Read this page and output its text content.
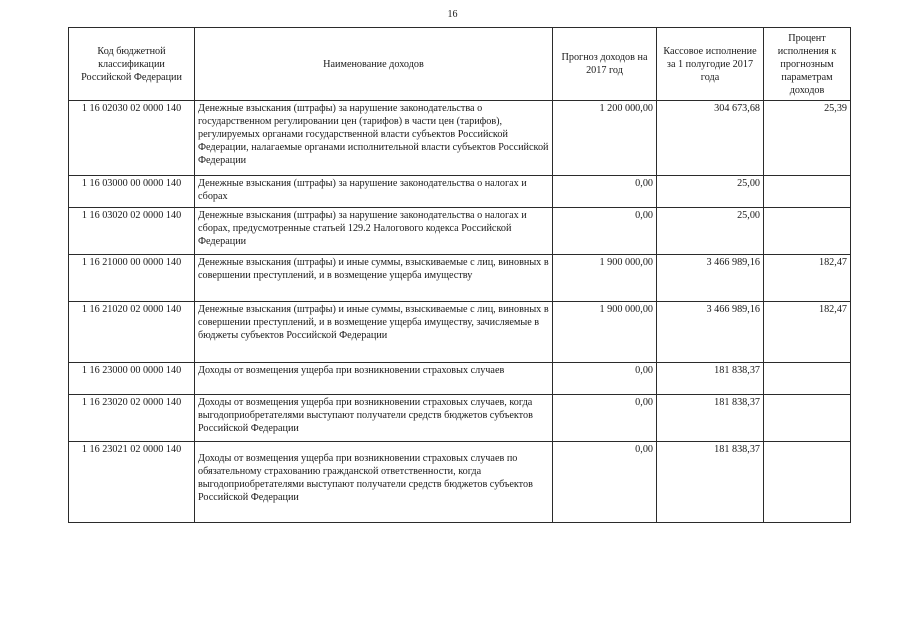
16
Код бюджетной классификации Российской Федерации	Наименование доходов	Прогноз доходов на 2017 год	Кассовое исполнение за 1 полугодие 2017 года	Процент исполнения к прогнозным параметрам доходов
1 16 02030 02 0000 140	Денежные взыскания (штрафы) за нарушение законодательства о государственном регулировании цен (тарифов) в части цен (тарифов), регулируемых органами государственной власти субъектов Российской Федерации, налагаемые органами исполнительной власти субъектов Российской Федерации	1 200 000,00	304 673,68	25,39
1 16 03000 00 0000 140	Денежные взыскания (штрафы) за нарушение законодательства о налогах и сборах	0,00	25,00	
1 16 03020 02 0000 140	Денежные взыскания (штрафы) за нарушение законодательства о налогах и сборах, предусмотренные статьей 129.2 Налогового кодекса Российской Федерации	0,00	25,00	
1 16 21000 00 0000 140	Денежные взыскания (штрафы) и иные суммы, взыскиваемые с лиц, виновных в совершении преступлений, и в возмещение ущерба имуществу	1 900 000,00	3 466 989,16	182,47
1 16 21020 02 0000 140	Денежные взыскания (штрафы) и иные суммы, взыскиваемые с лиц, виновных в совершении преступлений, и в возмещение ущерба имуществу, зачисляемые в бюджеты субъектов Российской Федерации	1 900 000,00	3 466 989,16	182,47
1 16 23000 00 0000 140	Доходы от возмещения ущерба при возникновении страховых случаев	0,00	181 838,37	
1 16 23020 02 0000 140	Доходы от возмещения ущерба при возникновении страховых случаев, когда выгодоприобретателями выступают получатели средств бюджетов субъектов Российской Федерации	0,00	181 838,37	
1 16 23021 02 0000 140	Доходы от возмещения ущерба при возникновении страховых случаев по обязательному страхованию гражданской ответственности, когда выгодоприобретателями выступают получатели средств бюджетов субъектов Российской Федерации	0,00	181 838,37	
